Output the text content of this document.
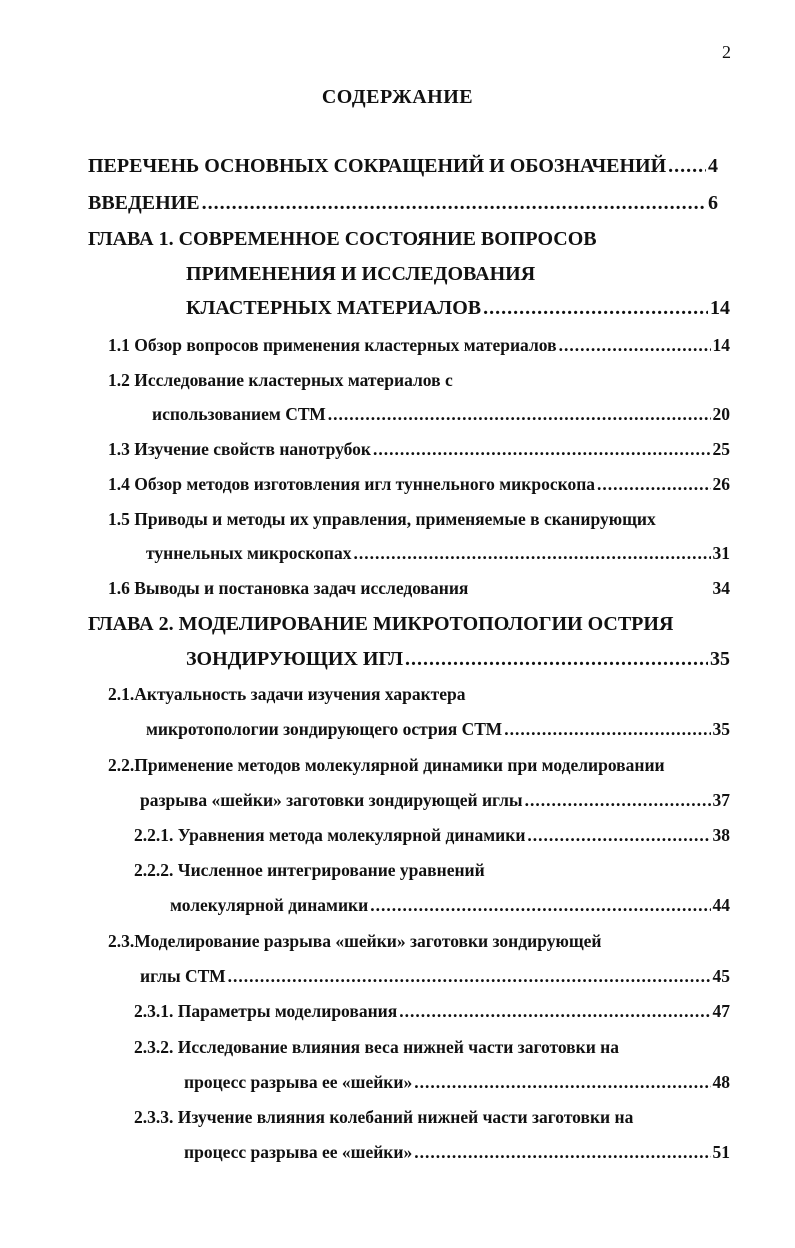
2
СОДЕРЖАНИЕ
ПЕРЕЧЕНЬ ОСНОВНЫХ СОКРАЩЕНИЙ И ОБОЗНАЧЕНИЙ ..... 4
ВВЕДЕНИЕ .....	6
ГЛАВА 1. СОВРЕМЕННОЕ СОСТОЯНИЕ ВОПРОСОВ
ПРИМЕНЕНИЯ И ИССЛЕДОВАНИЯ
КЛАСТЕРНЫХ МАТЕРИАЛОВ .....	14
1.1 Обзор вопросов применения кластерных материалов .....	14
1.2 Исследование кластерных материалов с
использованием СТМ .....	20
1.3 Изучение свойств нанотрубок .....	25
1.4 Обзор методов изготовления игл туннельного микроскопа .....	26
1.5 Приводы и методы их управления, применяемые в сканирующих
туннельных микроскопах .....	31
1.6 Выводы и постановка задач исследования	34
ГЛАВА 2. МОДЕЛИРОВАНИЕ МИКРОТОПОЛОГИИ ОСТРИЯ
ЗОНДИРУЮЩИХ ИГЛ .....	35
2.1.Актуальность задачи изучения характера
микротопологии зондирующего острия СТМ .....	35
2.2.Применение методов молекулярной динамики при моделировании
разрыва «шейки» заготовки зондирующей иглы .....	37
2.2.1. Уравнения метода молекулярной динамики .....	38
2.2.2. Численное интегрирование уравнений
молекулярной динамики .....	44
2.3.Моделирование разрыва «шейки» заготовки зондирующей
иглы СТМ .....	45
2.3.1. Параметры моделирования .....	47
2.3.2. Исследование влияния веса нижней части заготовки на
процесс разрыва ее «шейки» .....	48
2.3.3. Изучение влияния колебаний нижней части заготовки на
процесс разрыва ее «шейки» .....	51
